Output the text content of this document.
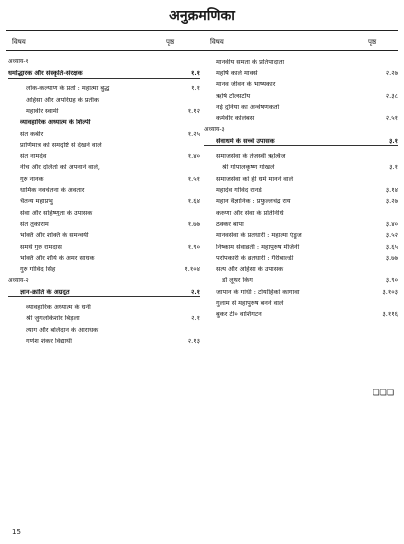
अनुक्रमणिका
विषय	पृष्ठ	विषय	पृष्ठ
अध्याय-१
धर्मोद्धारक और संस्कृति-संरक्षक	१.१
लोक-कल्याण के प्रतो : महात्मा बुद्ध	१.१
अहिंसा और अपरिग्रह के प्रतीक
महावीर स्वामी	१.१२
व्यावहारिक अध्यात्म के शिल्पी
संत कबीर	१.२५
प्राणिमात्र को समदृष्टि से देखने वाले
संत नामदेव	१.४०
नीच और दलितों को अपनाने वाले,
गुरु नानक	१.५१
धार्मिक नवचेतना के अवतार
चैतन्य महाप्रभु	१.६४
सेवा और सहिष्णुता के उपासक
संत तुकाराम	१.७७
भक्ति और शक्ति के समन्वयी
समर्थ गुरु रामदास	१.९०
भक्ति और शौर्य के अमर साधक
गुरु गोविंद सिंह	१.१०४
अध्याय-२
ज्ञान-क्रांति के अग्रदूत	२.१
व्यावहारिक अध्यात्म के धनी
श्री जुगलकिशोर बिड़ला	२.१
त्याग और बलिदान के आराधक
गणेश शंकर विद्यार्थी	२.१३
मानवीय समता के प्रतिपादाता
महर्षि कार्ल मार्क्स	२.२७
मानव जीवन के भाष्यकार
ऋषि टॉल्सटॉय	२.३८
नई दुनिया का अन्वेषणकर्ता
कर्मवीर कोलंबस	२.५१
अध्याय-३
सेवाधर्म के सच्चे उपासक	३.१
समाजसेवा के तेजस्वी ऋत्विज
श्री गोपालकृष्ण गोखले	३.१
समाजसेवा को ही धर्म मानने वाले
महादेव गोविंद रानडे	३.१४
महान वैज्ञानिक : प्रफुल्लचंद्र राय	३.२७
करुणा और सेवा के प्रतिनिधि
ठक्कर बापा	३.४०
मानवसेवा के प्रतधारी : महात्मा एंड्रूज	३.५२
निष्काम सेवाव्रती : महापुरुष मेजिनी	३.६५
परोपकारी के व्रतधारी : गैरीबाल्डी	३.७७
सत्य और अहिंसा के उपासक
डॉ लूथर किंग	३.९०
जापान के गांधी : टोयोहिको कागावा	३.१०३
गुलाम से महापुरुष बनने वाले
बुकर टी० वाशिंगटन	३.११६
❏❏❏
15
